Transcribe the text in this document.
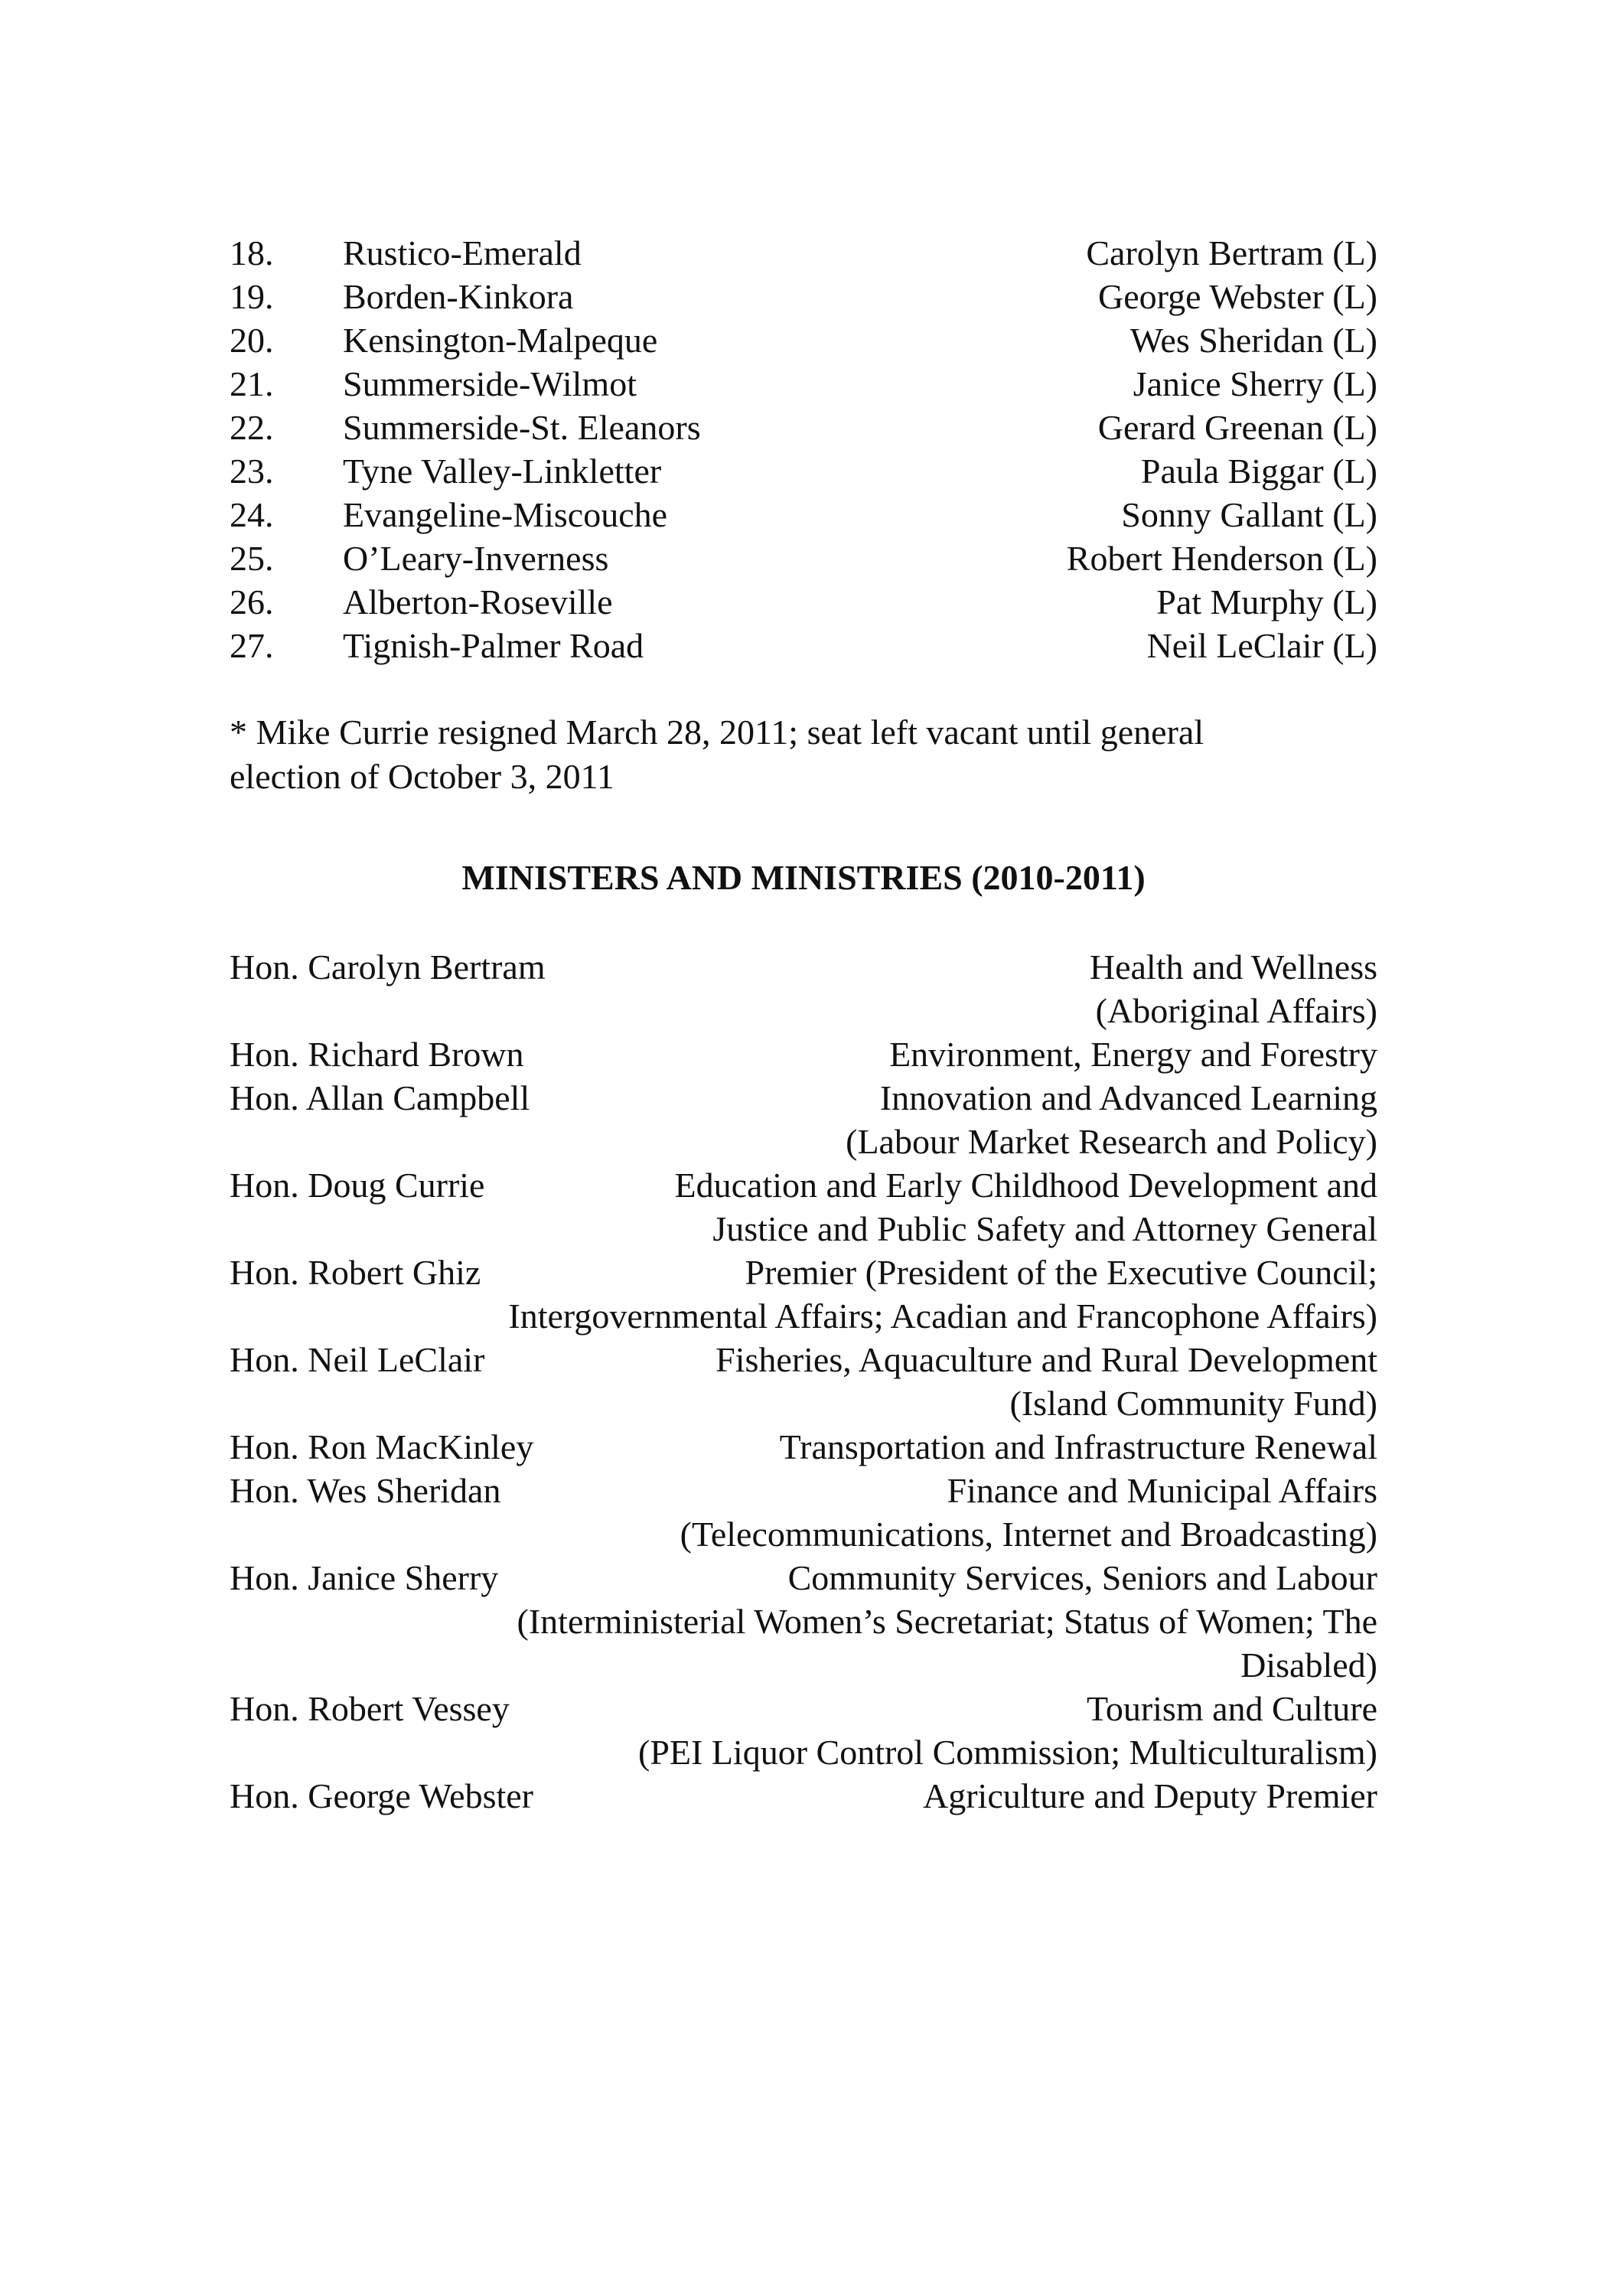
18.	Rustico-Emerald	Carolyn Bertram (L)
19.	Borden-Kinkora	George Webster (L)
20.	Kensington-Malpeque	Wes Sheridan (L)
21.	Summerside-Wilmot	Janice Sherry (L)
22.	Summerside-St. Eleanors	Gerard Greenan (L)
23.	Tyne Valley-Linkletter	Paula Biggar (L)
24.	Evangeline-Miscouche	Sonny Gallant (L)
25.	O’Leary-Inverness	Robert Henderson (L)
26.	Alberton-Roseville	Pat Murphy (L)
27.	Tignish-Palmer Road	Neil LeClair (L)

* Mike Currie resigned March 28, 2011; seat left vacant until general election of October 3, 2011

MINISTERS AND MINISTRIES (2010-2011)
Hon. Carolyn Bertram	Health and Wellness
(Aboriginal Affairs)
Hon. Richard Brown	Environment, Energy and Forestry
Hon. Allan Campbell	Innovation and Advanced Learning
(Labour Market Research and Policy)
Hon. Doug Currie	Education and Early Childhood Development and
Justice and Public Safety and Attorney General
Hon. Robert Ghiz	Premier (President of the Executive Council;
Intergovernmental Affairs; Acadian and Francophone Affairs)
Hon. Neil LeClair	Fisheries, Aquaculture and Rural Development
(Island Community Fund)
Hon. Ron MacKinley	Transportation and Infrastructure Renewal
Hon. Wes Sheridan	Finance and Municipal Affairs
(Telecommunications, Internet and Broadcasting)
Hon. Janice Sherry	Community Services, Seniors and Labour
(Interministerial Women’s Secretariat; Status of Women; The Disabled)
Hon. Robert Vessey	Tourism and Culture
(PEI Liquor Control Commission; Multiculturalism)
Hon. George Webster	Agriculture and Deputy Premier
